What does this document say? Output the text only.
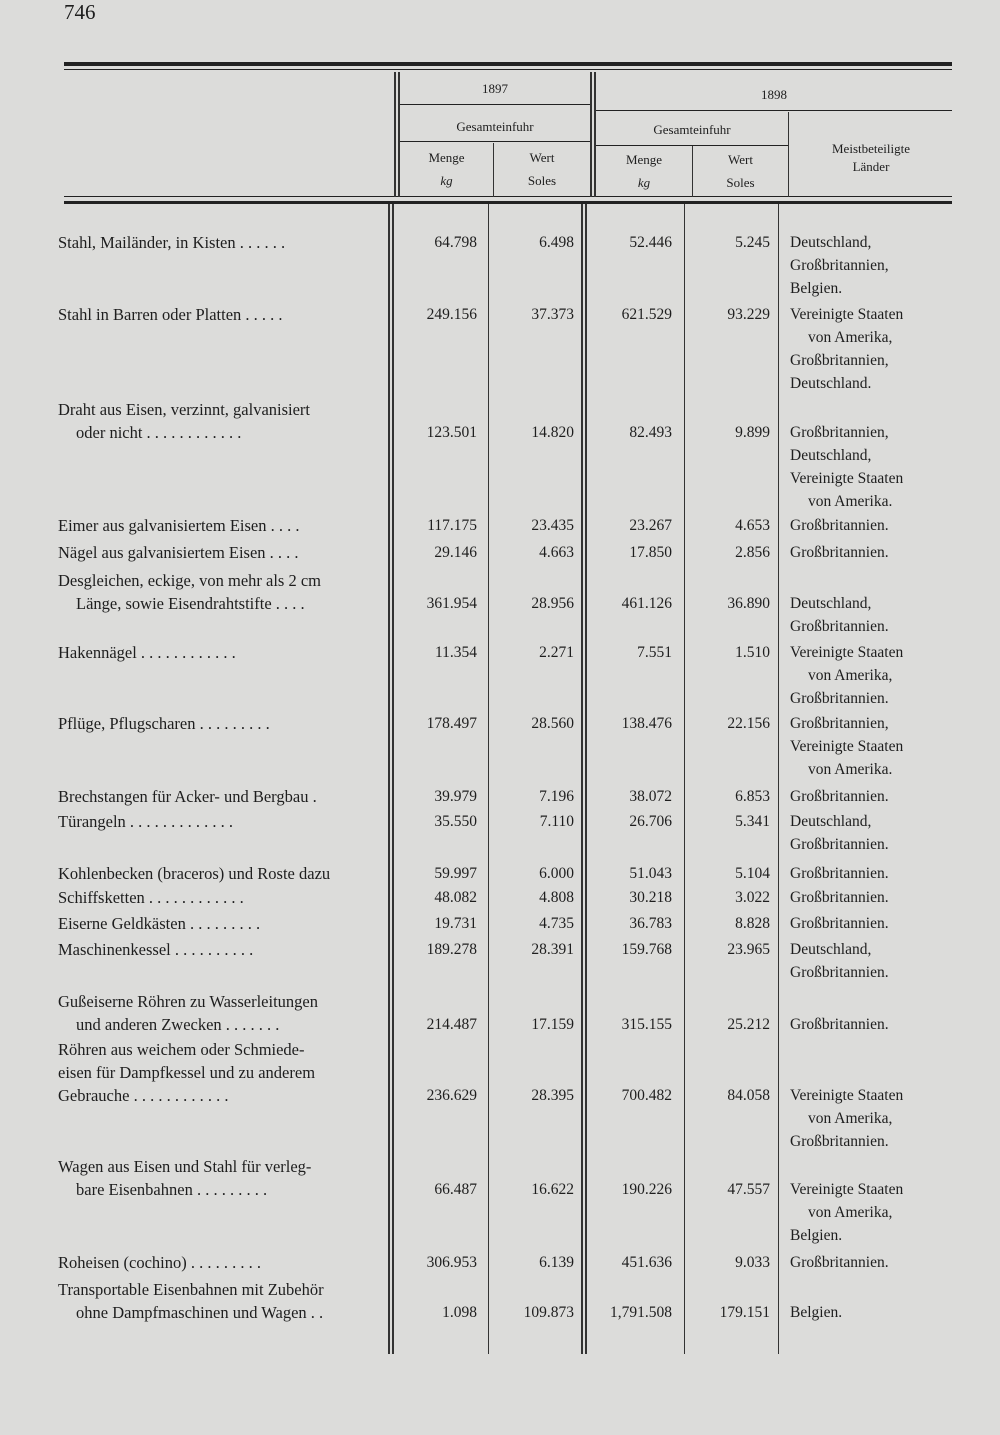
746
1897	1898
Gesamteinfuhr	Gesamteinfuhr
Menge
kg
Wert
Soles
Menge
kg
Wert
Soles
Meistbeteiligte
Länder
Stahl, Mailänder, in Kisten . . . . . .	64.798	6.498	52.446	5.245 Deutschland,
Großbritannien,
Belgien.
Stahl in Barren oder Platten . . . . .	249.156	37.373	621.529	93.229 Vereinigte Staaten
von Amerika,
Großbritannien,
Deutschland.
Draht aus Eisen, verzinnt, galvanisiert
oder nicht . . . . . . . . . . . .	123.501	14.820	82.493	9.899 Großbritannien,
Deutschland,
Vereinigte Staaten
von Amerika.
Eimer aus galvanisiertem Eisen . . . .	117.175	23.435	23.267	4.653 Großbritannien.
Nägel aus galvanisiertem Eisen . . . .	29.146	4.663	17.850	2.856 Großbritannien.
Desgleichen, eckige, von mehr als 2 cm
Länge, sowie Eisendrahtstifte . . . .	361.954	28.956	461.126	36.890 Deutschland,
Großbritannien.
Hakennägel . . . . . . . . . . . .	11.354	2.271	7.551	1.510 Vereinigte Staaten
von Amerika,
Großbritannien.
Pflüge, Pflugscharen . . . . . . . . .	178.497	28.560	138.476	22.156 Großbritannien,
Vereinigte Staaten
von Amerika.
Brechstangen für Acker- und Bergbau .	39.979	7.196	38.072	6.853 Großbritannien.
Türangeln . . . . . . . . . . . . .	35.550	7.110	26.706	5.341 Deutschland,
Großbritannien.
Kohlenbecken (braceros) und Roste dazu	59.997	6.000	51.043	5.104 Großbritannien.
Schiffsketten . . . . . . . . . . . .	48.082	4.808	30.218	3.022 Großbritannien.
Eiserne Geldkästen . . . . . . . . .	19.731	4.735	36.783	8.828 Großbritannien.
Maschinenkessel . . . . . . . . . .	189.278	28.391	159.768	23.965 Deutschland,
Großbritannien.
Gußeiserne Röhren zu Wasserleitungen
und anderen Zwecken . . . . . . .	214.487	17.159	315.155	25.212 Großbritannien.
Röhren aus weichem oder Schmiede-
eisen für Dampfkessel und zu anderem
Gebrauche . . . . . . . . . . . .	236.629	28.395	700.482	84.058 Vereinigte Staaten
von Amerika,
Großbritannien.
Wagen aus Eisen und Stahl für verleg-
bare Eisenbahnen . . . . . . . . .	66.487	16.622	190.226	47.557 Vereinigte Staaten
von Amerika,
Belgien.
Roheisen (cochino) . . . . . . . . .	306.953	6.139	451.636	9.033 Großbritannien.
Transportable Eisenbahnen mit Zubehör
ohne Dampfmaschinen und Wagen . .	1.098	109.873	1,791.508	179.151 Belgien.
